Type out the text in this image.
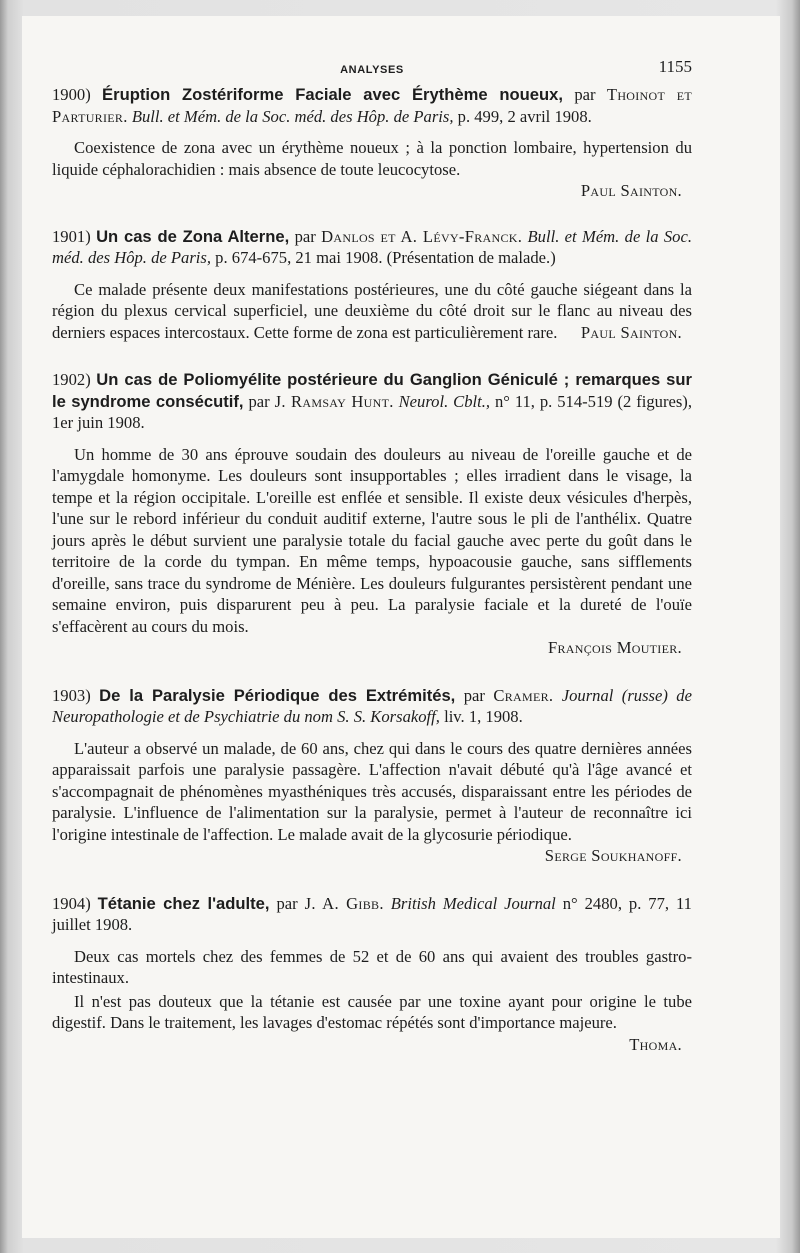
ANALYSES	1155

1900) Éruption Zostériforme Faciale avec Érythème noueux, par Thoinot et Parturier. Bull. et Mém. de la Soc. méd. des Hôp. de Paris, p. 499, 2 avril 1908.

Coexistence de zona avec un érythème noueux ; à la ponction lombaire, hypertension du liquide céphalorachidien : mais absence de toute leucocytose.

Paul Sainton.

1901) Un cas de Zona Alterne, par Danlos et A. Lévy-Franck. Bull. et Mém. de la Soc. méd. des Hôp. de Paris, p. 674-675, 21 mai 1908. (Présentation de malade.)

Ce malade présente deux manifestations postérieures, une du côté gauche siégeant dans la région du plexus cervical superficiel, une deuxième du côté droit sur le flanc au niveau des derniers espaces intercostaux. Cette forme de zona est particulièrement rare.	Paul Sainton.

1902) Un cas de Poliomyélite postérieure du Ganglion Géniculé ; remarques sur le syndrome consécutif, par J. Ramsay Hunt. Neurol. Cblt., n° 11, p. 514-519 (2 figures), 1er juin 1908.

Un homme de 30 ans éprouve soudain des douleurs au niveau de l'oreille gauche et de l'amygdale homonyme. Les douleurs sont insupportables ; elles irradient dans le visage, la tempe et la région occipitale. L'oreille est enflée et sensible. Il existe deux vésicules d'herpès, l'une sur le rebord inférieur du conduit auditif externe, l'autre sous le pli de l'anthélix. Quatre jours après le début survient une paralysie totale du facial gauche avec perte du goût dans le territoire de la corde du tympan. En même temps, hypoacousie gauche, sans sifflements d'oreille, sans trace du syndrome de Ménière. Les douleurs fulgurantes persistèrent pendant une semaine environ, puis disparurent peu à peu. La paralysie faciale et la dureté de l'ouïe s'effacèrent au cours du mois.

François Moutier.

1903) De la Paralysie Périodique des Extrémités, par Cramer. Journal (russe) de Neuropathologie et de Psychiatrie du nom S. S. Korsakoff, liv. 1, 1908.

L'auteur a observé un malade, de 60 ans, chez qui dans le cours des quatre dernières années apparaissait parfois une paralysie passagère. L'affection n'avait débuté qu'à l'âge avancé et s'accompagnait de phénomènes myasthéniques très accusés, disparaissant entre les périodes de paralysie. L'influence de l'alimentation sur la paralysie, permet à l'auteur de reconnaître ici l'origine intestinale de l'affection. Le malade avait de la glycosurie périodique.

Serge Soukhanoff.

1904) Tétanie chez l'adulte, par J. A. Gibb. British Medical Journal n° 2480, p. 77, 11 juillet 1908.

Deux cas mortels chez des femmes de 52 et de 60 ans qui avaient des troubles gastro-intestinaux.

Il n'est pas douteux que la tétanie est causée par une toxine ayant pour origine le tube digestif. Dans le traitement, les lavages d'estomac répétés sont d'importance majeure.
Thoma.
